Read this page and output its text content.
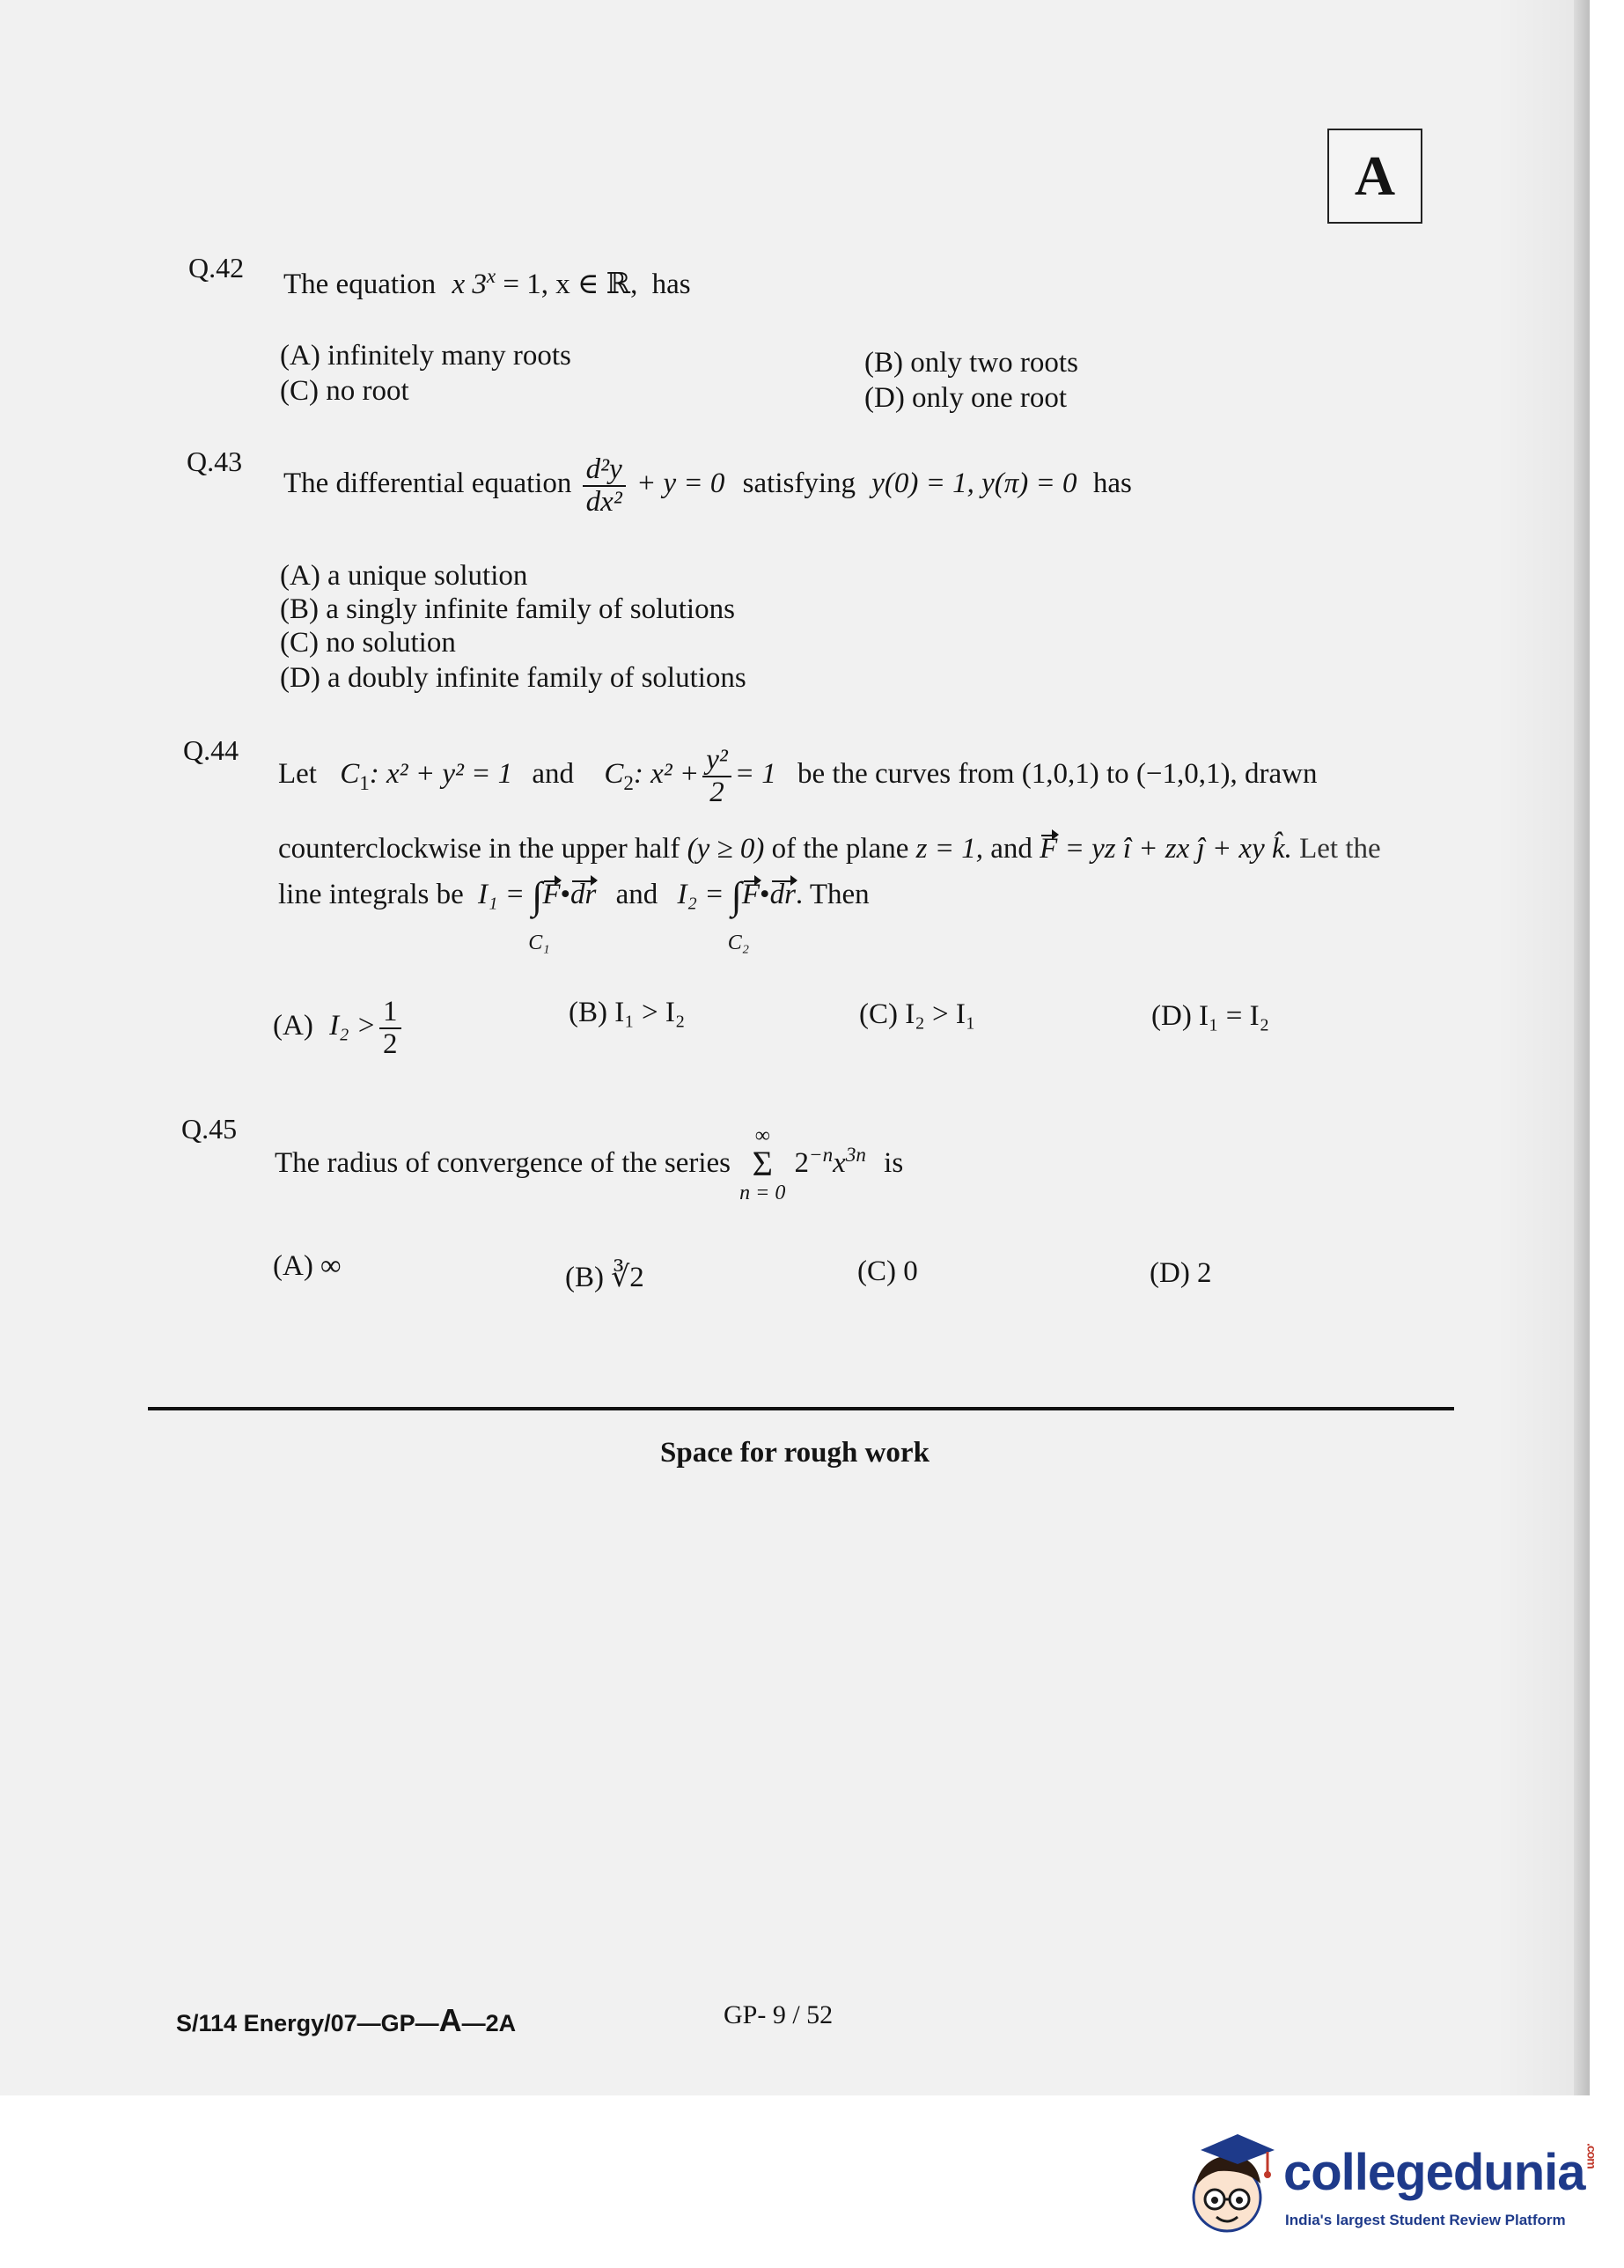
A
Q.42
The equation x $3^x = 1$, x ∈ ℝ, has
(A) infinitely many roots	(B) only two roots
(C) no root	(D) only one root
Q.43
The differential equation $\frac{\text{d²y}}{\text{dx²}} + y = 0$ satisfying y(0) = 1, y(π) = 0 has
(A) a unique solution
(B) a singly infinite family of solutions
(C) no solution
(D) a doubly infinite family of solutions
Q.44
Let $C_1$: x² + y² = 1 and $C_2$: $x^2 + \frac{\text{y²}}{2} = 1$ be the curves from (1,0,1) to (−1,0,1), drawn
counterclockwise in the upper half (y ≥ 0) of the plane z = 1, and F = yz î + zx ĵ + xy k̂. Let the
line integrals be I₁ = ∫
C₁
F•dr and I₂ = ∫
C₂
F•dr. Then
(A) $I_2 > \frac{1}{2}$	(B) I₁ > I₂	(C) I₂ > I₁	(D) I₁ = I₂
Q.45
The radius of convergence of the series
∞
Σ
n = 0
$2^{-n}x^{3n}$ is
(A) ∞	(B) ∛2	(C) 0	(D) 2
Space for rough work
S/114 Energy/07—GP—A—2A	GP- 9 / 52
collegedunia.com
India's largest Student Review Platform
